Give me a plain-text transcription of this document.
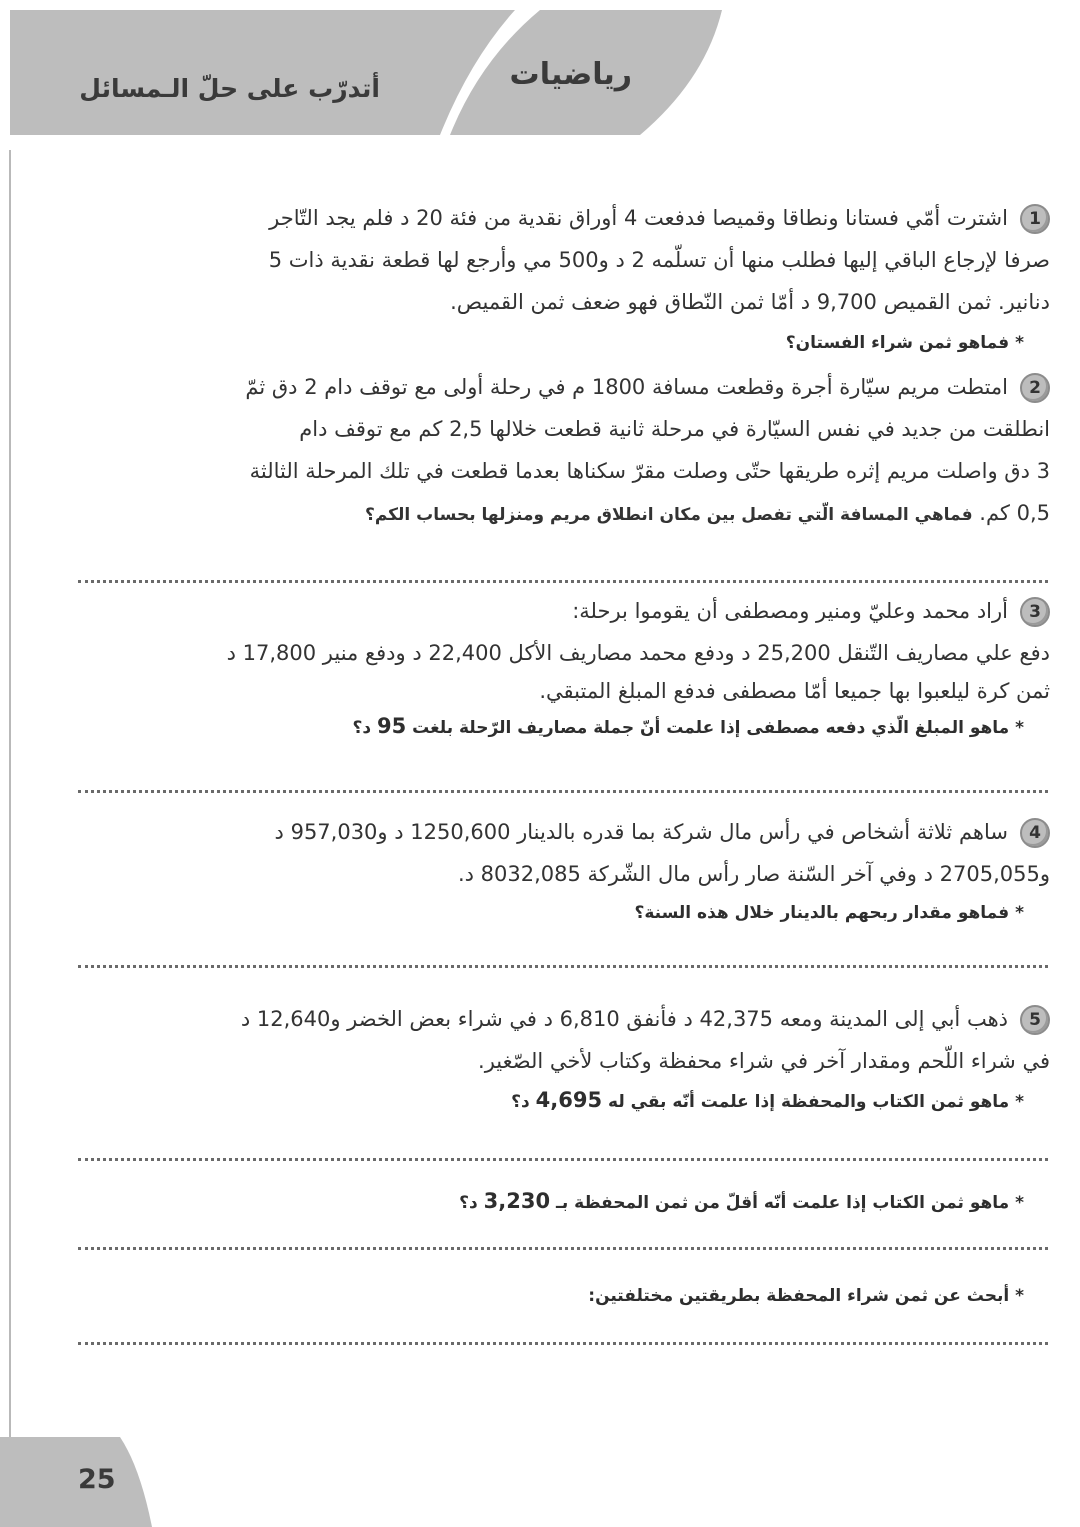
رياضيات
أتدرّب على حلّ الـمسائل
1اشترت أمّي فستانا ونطاقا وقميصا فدفعت 4 أوراق نقدية من فئة 20 د فلم يجد التّاجر
صرفا لإرجاع الباقي إليها فطلب منها أن تسلّمه 2 د و500 مي وأرجع لها قطعة نقدية ذات 5
دنانير. ثمن القميص 9,700 د أمّا ثمن النّطاق فهو ضعف ثمن القميص.
* فماهو ثمن شراء الفستان؟
2امتطت مريم سيّارة أجرة وقطعت مسافة 1800 م في رحلة أولى مع توقف دام 2 دق ثمّ
انطلقت من جديد في نفس السيّارة في مرحلة ثانية قطعت خلالها 2,5 كم مع توقف دام
3 دق واصلت مريم إثره طريقها حتّى وصلت مقرّ سكناها بعدما قطعت في تلك المرحلة الثالثة
0,5 كم. فماهي المسافة الّتي تفصل بين مكان انطلاق مريم ومنزلها بحساب الكم؟
3أراد محمد وعليّ ومنير ومصطفى أن يقوموا برحلة:
دفع علي مصاريف التّنقل 25,200 د ودفع محمد مصاريف الأكل 22,400 د ودفع منير 17,800 د
ثمن كرة ليلعبوا بها جميعا أمّا مصطفى فدفع المبلغ المتبقي.
* ماهو المبلغ الّذي دفعه مصطفى إذا علمت أنّ جملة مصاريف الرّحلة بلغت 95 د؟
4ساهم ثلاثة أشخاص في رأس مال شركة بما قدره بالدينار 1250,600 د و957,030 د
و2705,055 د وفي آخر السّنة صار رأس مال الشّركة 8032,085 د.
* فماهو مقدار ربحهم بالدينار خلال هذه السنة؟
5ذهب أبي إلى المدينة ومعه 42,375 د فأنفق 6,810 د في شراء بعض الخضر و12,640 د
في شراء اللّحم ومقدار آخر في شراء محفظة وكتاب لأخي الصّغير.
* ماهو ثمن الكتاب والمحفظة إذا علمت أنّه بقي له 4,695 د؟
* ماهو ثمن الكتاب إذا علمت أنّه أقلّ من ثمن المحفظة بـ 3,230 د؟
* أبحث عن ثمن شراء المحفظة بطريقتين مختلفتين:
25
